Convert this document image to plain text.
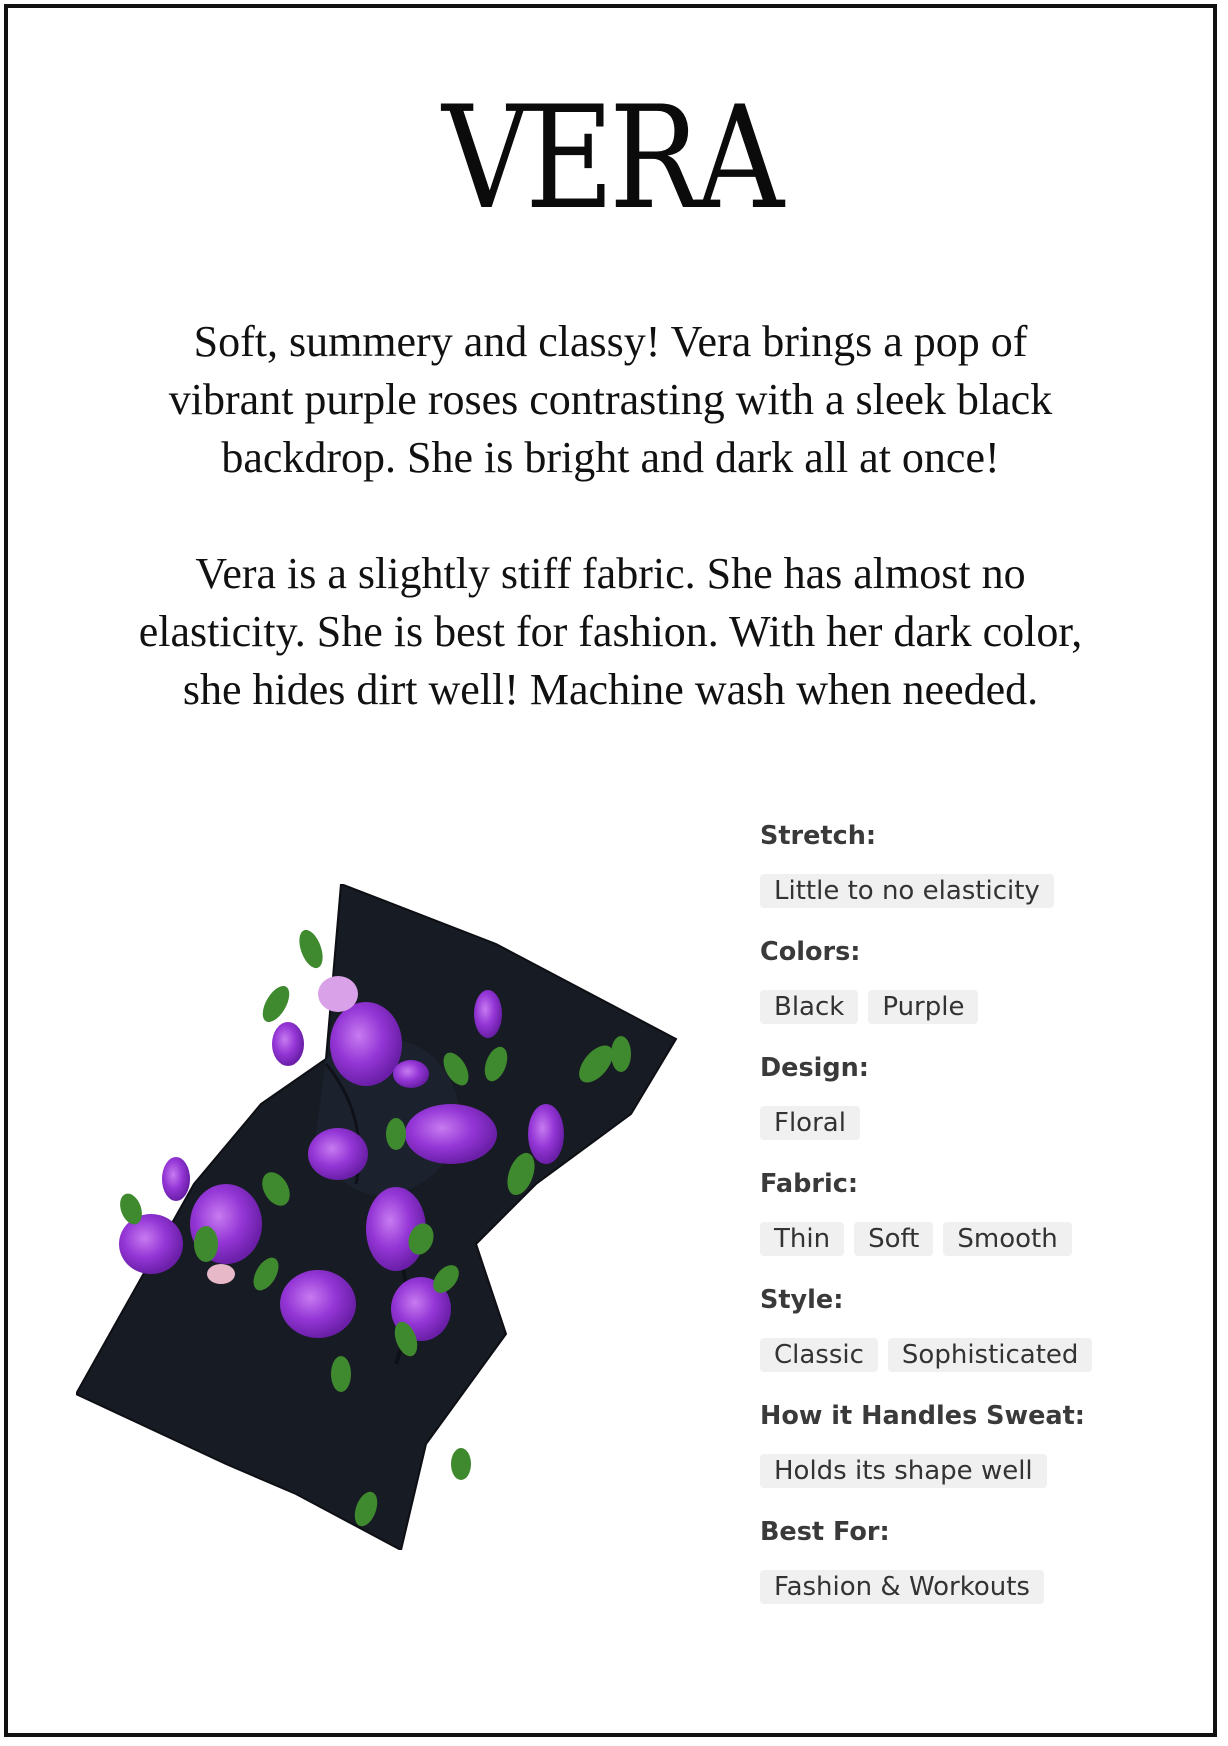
VERA
Soft, summery and classy! Vera brings a pop of
vibrant purple roses contrasting with a sleek black
backdrop. She is bright and dark all at once!
Vera is a slightly stiff fabric. She has almost no
elasticity. She is best for fashion. With her dark color,
she hides dirt well! Machine wash when needed.
Stretch:
Little to no elasticity
Colors:
Black Purple
Design:
Floral
Fabric:
Thin Soft Smooth
Style:
Classic Sophisticated
How it Handles Sweat:
Holds its shape well
Best For:
Fashion & Workouts
